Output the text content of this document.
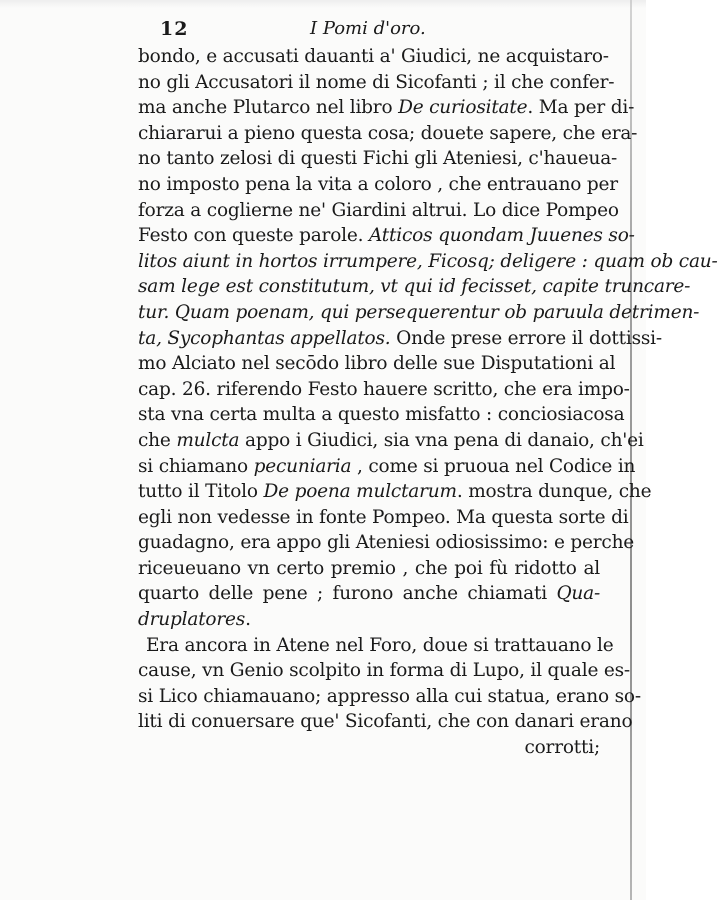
12	I Pomi d'oro.
bondo, e accusati dauanti a' Giudici, ne acquistaro-
no gli Accusatori il nome di Sicofanti ; il che confer-
ma anche Plutarco nel libro De curiositate. Ma per di-
chiararui a pieno questa cosa; douete sapere, che era-
no tanto zelosi di questi Fichi gli Ateniesi, c'haueua-
no imposto pena la vita a coloro , che entrauano per
forza a coglierne ne' Giardini altrui. Lo dice Pompeo
Festo con queste parole. Atticos quondam Juuenes so-
litos aiunt in hortos irrumpere, Ficosq; deligere : quam ob cau-
sam lege est constitutum, vt qui id fecisset, capite truncare-
tur. Quam poenam, qui persequerentur ob paruula detrimen-
ta, Sycophantas appellatos. Onde prese errore il dottissi-
mo Alciato nel secōdo libro delle sue Disputationi al
cap. 26. riferendo Festo hauere scritto, che era impo-
sta vna certa multa a questo misfatto : conciosiacosa
che mulcta appo i Giudici, sia vna pena di danaio, ch'ei
si chiamano pecuniaria , come si pruoua nel Codice in
tutto il Titolo De poena mulctarum. mostra dunque, che
egli non vedesse in fonte Pompeo. Ma questa sorte di
guadagno, era appo gli Ateniesi odiosissimo: e perche
riceueuano vn certo premio , che poi fù ridotto al
quarto delle pene ; furono anche chiamati Qua-
druplatores.
Era ancora in Atene nel Foro, doue si trattauano le
cause, vn Genio scolpito in forma di Lupo, il quale es-
si Lico chiamauano; appresso alla cui statua, erano so-
liti di conuersare que' Sicofanti, che con danari erano
corrotti;
